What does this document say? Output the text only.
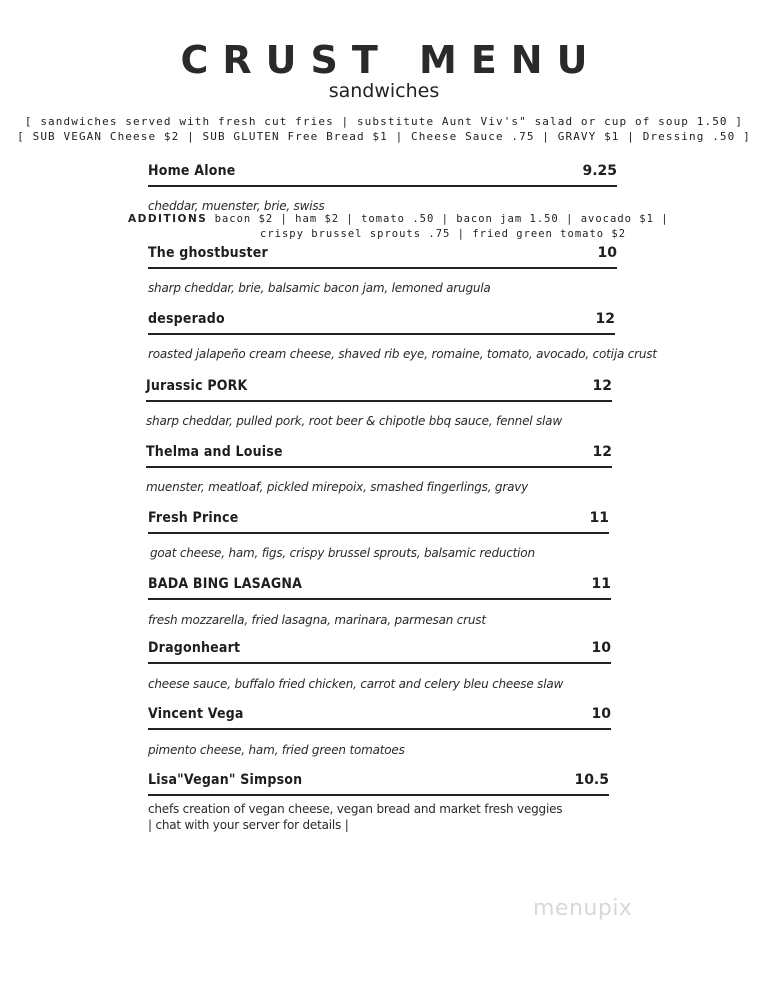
CRUST MENU
sandwiches
[ sandwiches served with fresh cut fries | substitute Aunt Viv's" salad or cup of soup 1.50 ]
[ SUB VEGAN Cheese $2 | SUB GLUTEN Free Bread $1 | Cheese Sauce .75 | GRAVY $1 | Dressing .50 ]
Home Alone	9.25
cheddar, muenster, brie, swiss
ADDITIONS bacon $2 | ham $2 | tomato .50 | bacon jam 1.50 | avocado $1 |
crispy brussel sprouts .75 | fried green tomato $2
The ghostbuster	10
sharp cheddar, brie, balsamic bacon jam, lemoned arugula
desperado	12
roasted jalapeño cream cheese, shaved rib eye, romaine, tomato, avocado, cotija crust
Jurassic PORK	12
sharp cheddar, pulled pork, root beer & chipotle bbq sauce, fennel slaw
Thelma and Louise	12
muenster, meatloaf, pickled mirepoix, smashed fingerlings, gravy
Fresh Prince	11
goat cheese, ham, figs, crispy brussel sprouts, balsamic reduction
BADA BING LASAGNA	11
fresh mozzarella, fried lasagna, marinara, parmesan crust
Dragonheart	10
cheese sauce, buffalo fried chicken, carrot and celery bleu cheese slaw
Vincent Vega	10
pimento cheese, ham, fried green tomatoes
Lisa"Vegan" Simpson	10.5
chefs creation of vegan cheese, vegan bread and market fresh veggies
| chat with your server for details |
menupix
